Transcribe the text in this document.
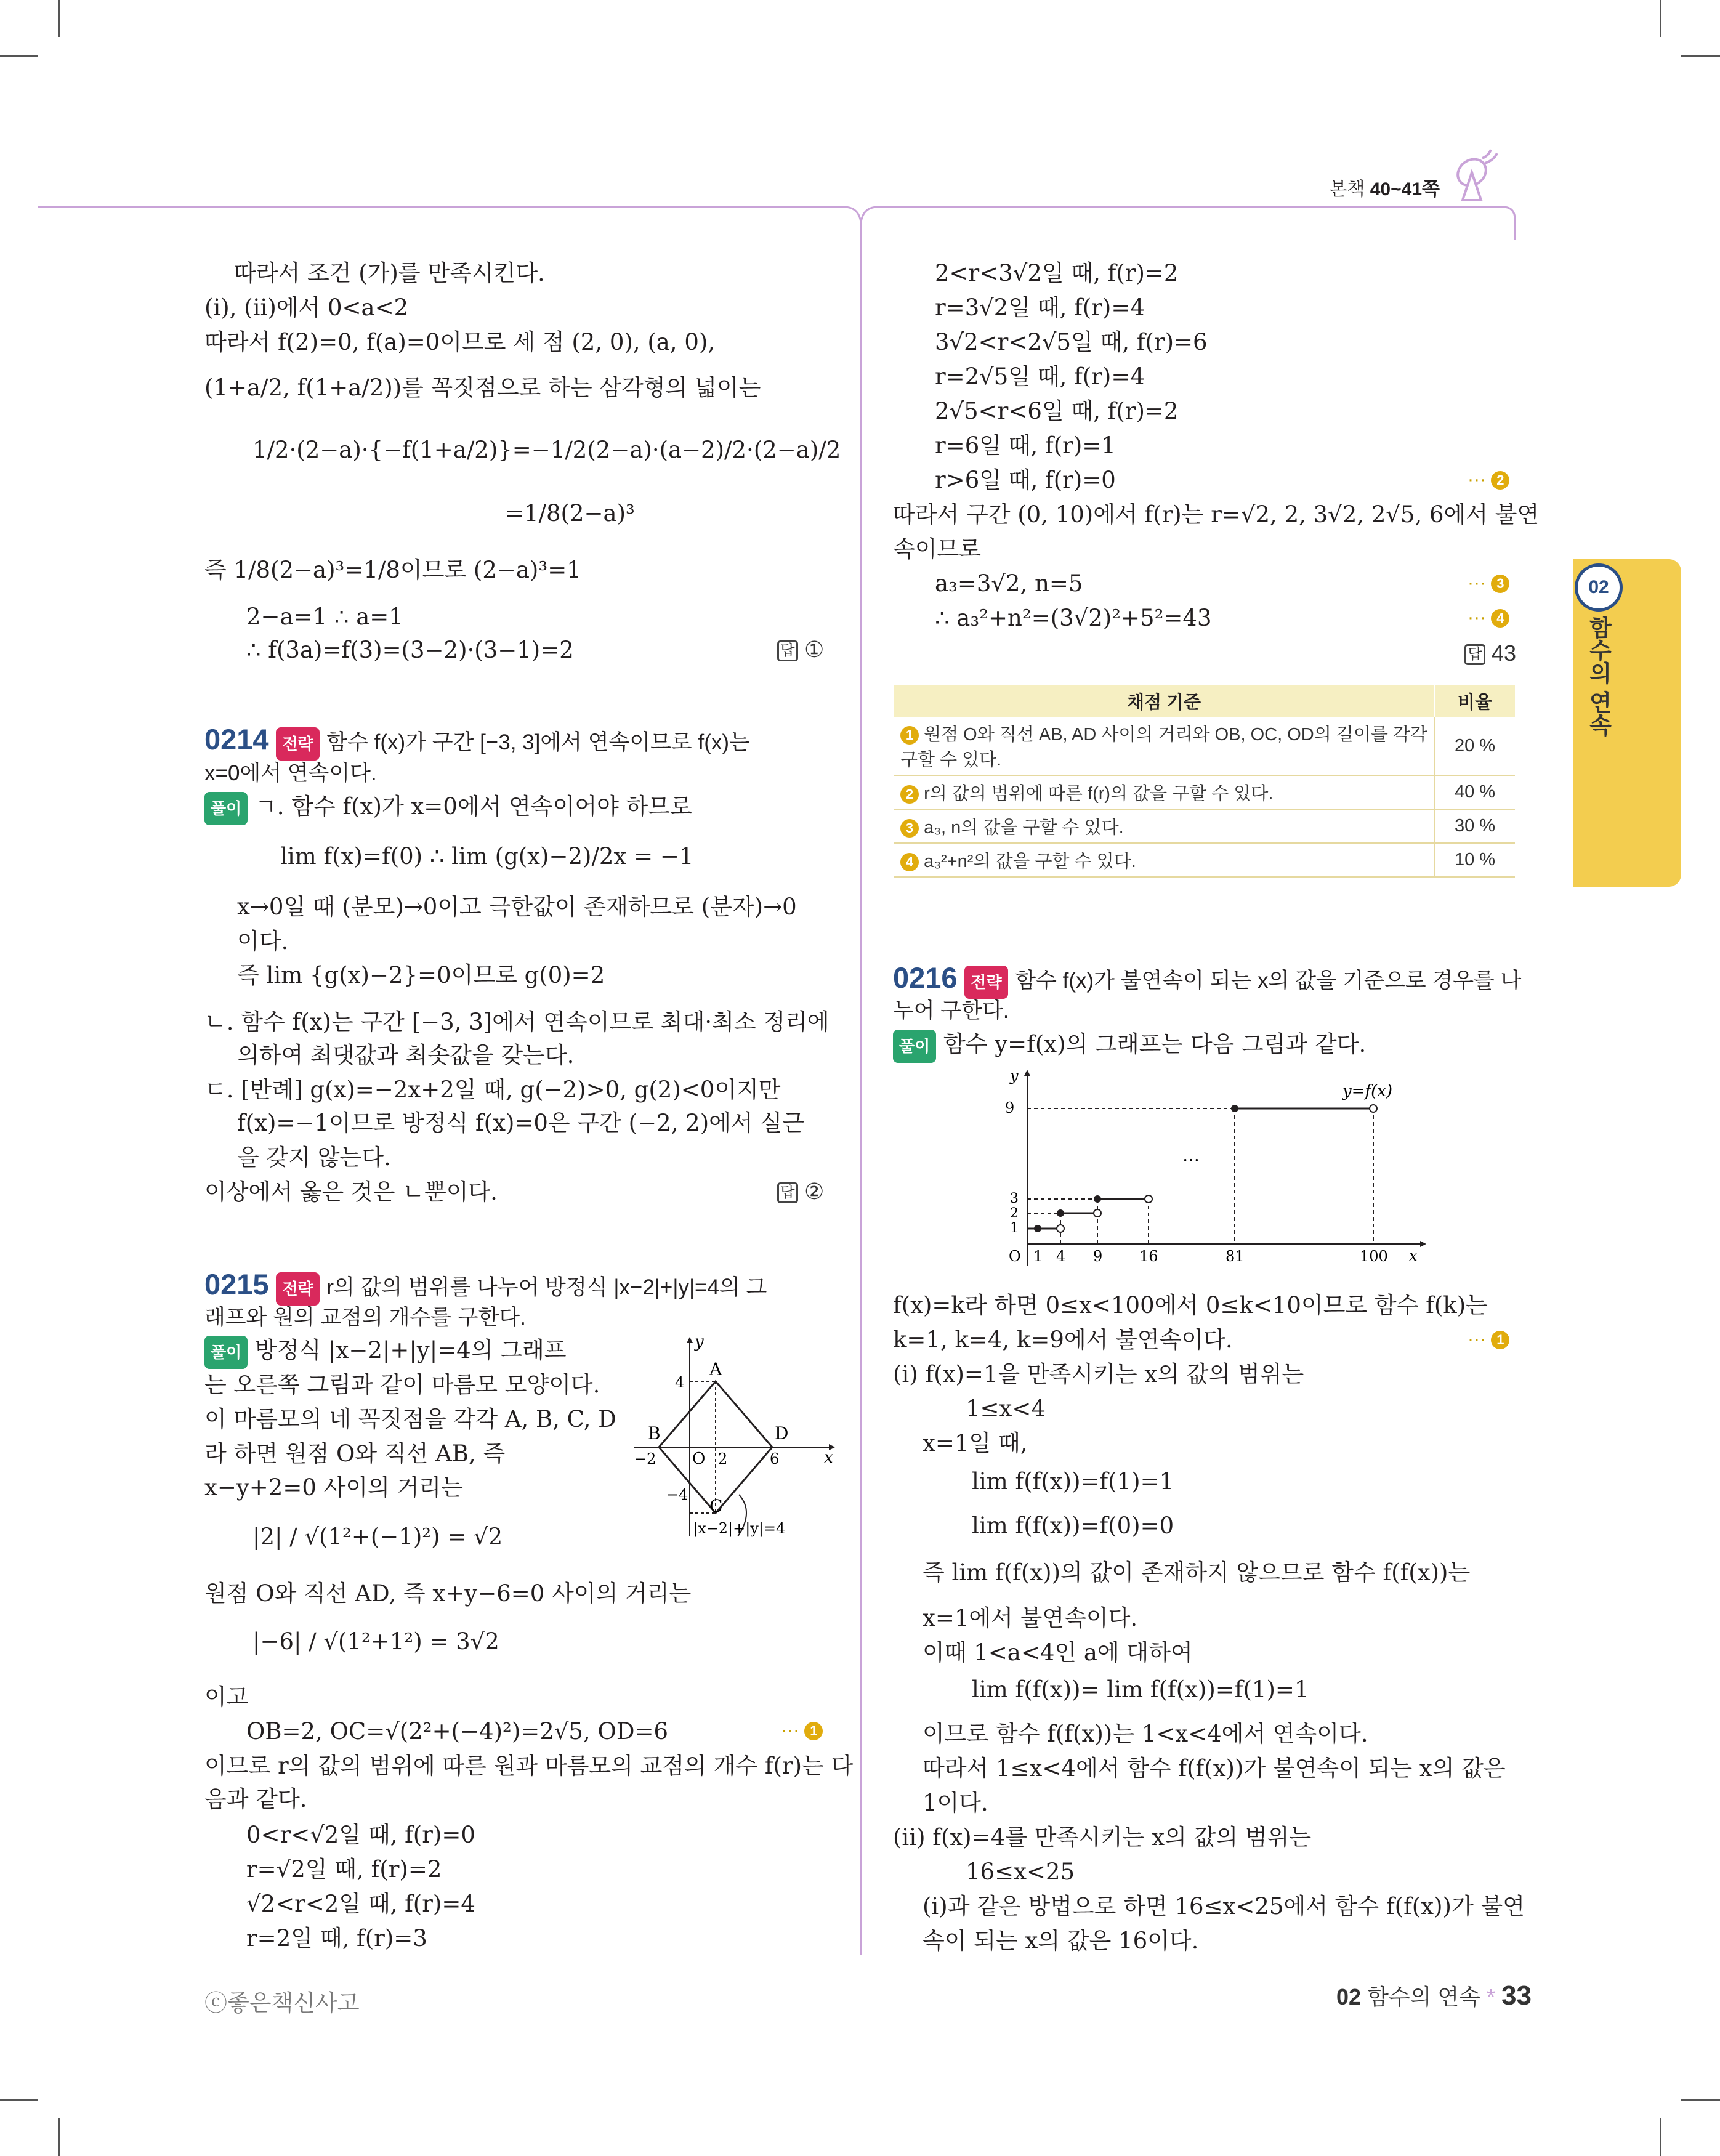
본책 40~41쪽
02
함수의 연속
따라서 조건 (가)를 만족시킨다.
(i), (ii)에서 0<a<2
따라서 f(2)=0, f(a)=0이므로 세 점 (2, 0), (a, 0),
(1+a/2, f(1+a/2))를 꼭짓점으로 하는 삼각형의 넓이는
1/2·(2−a)·{−f(1+a/2)}=−1/2(2−a)·(a−2)/2·(2−a)/2
=1/8(2−a)³
즉 1/8(2−a)³=1/8이므로 (2−a)³=1
2−a=1 ∴ a=1
∴ f(3a)=f(3)=(3−2)·(3−1)=2	답 ①
0214 전략 함수 f(x)가 구간 [−3, 3]에서 연속이므로 f(x)는
x=0에서 연속이다.
풀이 ㄱ. 함수 f(x)가 x=0에서 연속이어야 하므로
lim f(x)=f(0) ∴ lim (g(x)−2)/2x = −1
x→0일 때 (분모)→0이고 극한값이 존재하므로 (분자)→0
이다.
즉 lim {g(x)−2}=0이므로 g(0)=2
ㄴ. 함수 f(x)는 구간 [−3, 3]에서 연속이므로 최대·최소 정리에
의하여 최댓값과 최솟값을 갖는다.
ㄷ. [반례] g(x)=−2x+2일 때, g(−2)>0, g(2)<0이지만
f(x)=−1이므로 방정식 f(x)=0은 구간 (−2, 2)에서 실근
을 갖지 않는다.
이상에서 옳은 것은 ㄴ뿐이다.	답 ②
0215 전략 r의 값의 범위를 나누어 방정식 |x−2|+|y|=4의 그
래프와 원의 교점의 개수를 구한다.
풀이 방정식 |x−2|+|y|=4의 그래프
는 오른쪽 그림과 같이 마름모 모양이다.
이 마름모의 네 꼭짓점을 각각 A, B, C, D
라 하면 원점 O와 직선 AB, 즉
x−y+2=0 사이의 거리는
|2| / √(1²+(−1)²) = √2
원점 O와 직선 AD, 즉 x+y−6=0 사이의 거리는
|−6| / √(1²+1²) = 3√2
이고
OB=2, OC=√(2²+(−4)²)=2√5, OD=6	··· 1
이므로 r의 값의 범위에 따른 원과 마름모의 교점의 개수 f(r)는 다
음과 같다.
0<r<√2일 때, f(r)=0
r=√2일 때, f(r)=2
√2<r<2일 때, f(r)=4
r=2일 때, f(r)=3
y
x
A
B
C
D
O
4
−4
−2	2	6
|x−2|+|y|=4
2<r<3√2일 때, f(r)=2
r=3√2일 때, f(r)=4
3√2<r<2√5일 때, f(r)=6
r=2√5일 때, f(r)=4
2√5<r<6일 때, f(r)=2
r=6일 때, f(r)=1
r>6일 때, f(r)=0	··· 2
따라서 구간 (0, 10)에서 f(r)는 r=√2, 2, 3√2, 2√5, 6에서 불연
속이므로
a₃=3√2, n=5	··· 3
∴ a₃²+n²=(3√2)²+5²=43	··· 4
답 43
채점 기준	비율
1 원점 O와 직선 AB, AD 사이의 거리와 OB, OC, OD의 길이를 각각 구할 수 있다.	20 %
2 r의 값의 범위에 따른 f(r)의 값을 구할 수 있다.	40 %
3 a₃, n의 값을 구할 수 있다.	30 %
4 a₃²+n²의 값을 구할 수 있다.	10 %
0216 전략 함수 f(x)가 불연속이 되는 x의 값을 기준으로 경우를 나
누어 구한다.
풀이 함수 y=f(x)의 그래프는 다음 그림과 같다.
y
x
y=f(x)
…
9
3
2
1
O 1 4 9 16	81	100
f(x)=k라 하면 0≤x<100에서 0≤k<10이므로 함수 f(k)는
k=1, k=4, k=9에서 불연속이다.	··· 1
(i) f(x)=1을 만족시키는 x의 값의 범위는
1≤x<4
x=1일 때,
lim f(f(x))=f(1)=1
lim f(f(x))=f(0)=0
즉 lim f(f(x))의 값이 존재하지 않으므로 함수 f(f(x))는
x=1에서 불연속이다.
이때 1<a<4인 a에 대하여
lim f(f(x))= lim f(f(x))=f(1)=1
이므로 함수 f(f(x))는 1<x<4에서 연속이다.
따라서 1≤x<4에서 함수 f(f(x))가 불연속이 되는 x의 값은
1이다.
(ii) f(x)=4를 만족시키는 x의 값의 범위는
16≤x<25
(i)과 같은 방법으로 하면 16≤x<25에서 함수 f(f(x))가 불연
속이 되는 x의 값은 16이다.
ⓒ좋은책신사고	02 함수의 연속 * 33
